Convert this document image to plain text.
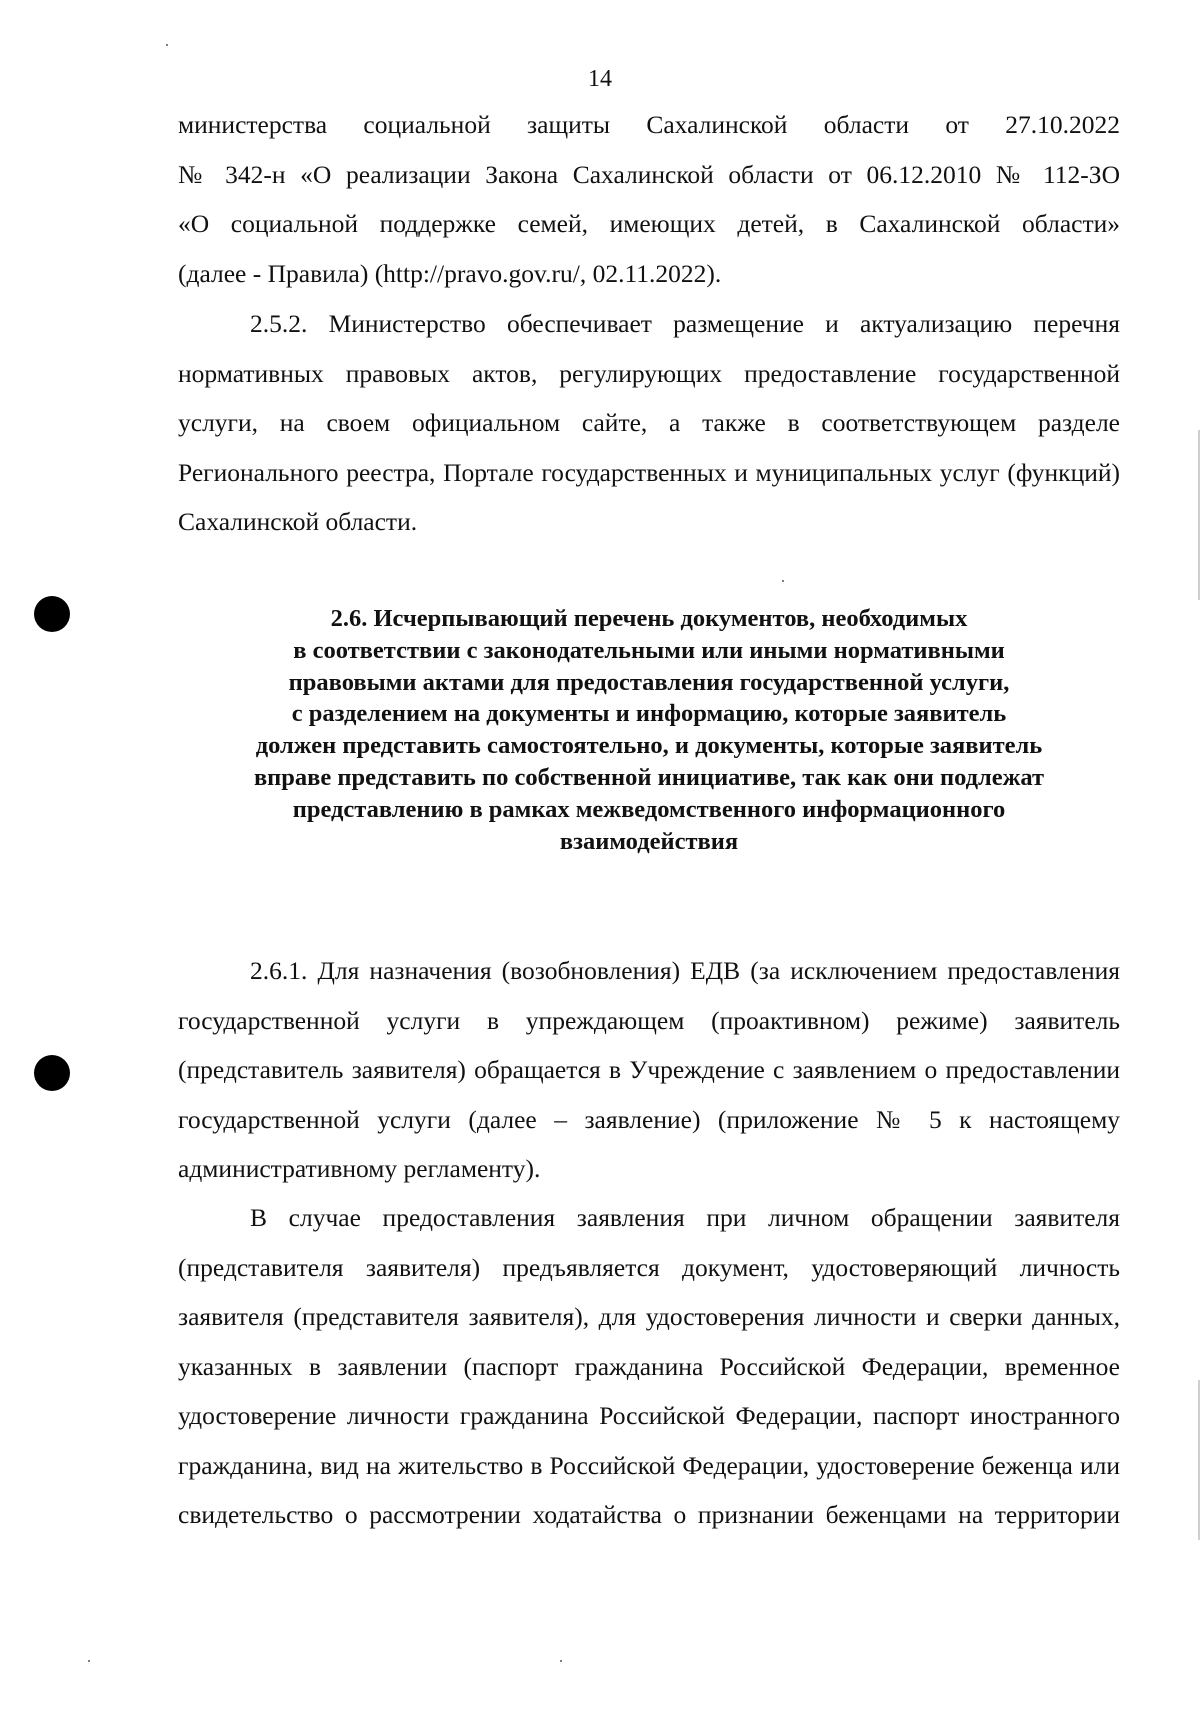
14

министерства социальной защиты Сахалинской области от 27.10.2022

№ 342-н «О реализации Закона Сахалинской области от 06.12.2010 № 112-ЗО

«О социальной поддержке семей, имеющих детей, в Сахалинской области»

(далее - Правила) (http://pravo.gov.ru/, 02.11.2022).

2.5.2. Министерство обеспечивает размещение и актуализацию перечня нормативных правовых актов, регулирующих предоставление государственной услуги, на своем официальном сайте, а также в соответствующем разделе Регионального реестра, Портале государственных и муниципальных услуг (функций) Сахалинской области.

2.6. Исчерпывающий перечень документов, необходимых
в соответствии с законодательными или иными нормативными
правовыми актами для предоставления государственной услуги,
с разделением на документы и информацию, которые заявитель
должен представить самостоятельно, и документы, которые заявитель
вправе представить по собственной инициативе, так как они подлежат
представлению в рамках межведомственного информационного
взаимодействия

2.6.1. Для назначения (возобновления) ЕДВ (за исключением предоставления государственной услуги в упреждающем (проактивном) режиме) заявитель (представитель заявителя) обращается в Учреждение с заявлением о предоставлении государственной услуги (далее – заявление) (приложение № 5 к настоящему административному регламенту).

В случае предоставления заявления при личном обращении заявителя (представителя заявителя) предъявляется документ, удостоверяющий личность заявителя (представителя заявителя), для удостоверения личности и сверки данных, указанных в заявлении (паспорт гражданина Российской Федерации, временное удостоверение личности гражданина Российской Федерации, паспорт иностранного гражданина, вид на жительство в Российской Федерации, удостоверение беженца или свидетельство о рассмотрении ходатайства о признании беженцами на территории
